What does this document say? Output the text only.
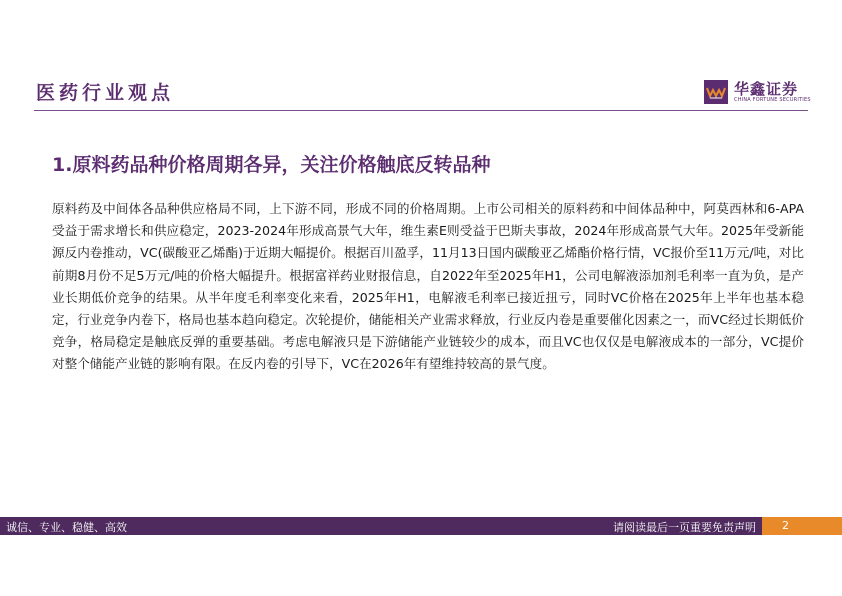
医药行业观点	华鑫证券
CHINA FORTUNE SECURITIES
1.原料药品种价格周期各异，关注价格触底反转品种
原料药及中间体各品种供应格局不同，上下游不同，形成不同的价格周期。上市公司相关的原料药和中间体品种中，阿莫西林和6-APA受益于需求增长和供应稳定，2023-2024年形成高景气大年，维生素E则受益于巴斯夫事故，2024年形成高景气大年。2025年受新能源反内卷推动，VC(碳酸亚乙烯酯)于近期大幅提价。根据百川盈孚，11月13日国内碳酸亚乙烯酯价格行情，VC报价至11万元/吨，对比前期8月份不足5万元/吨的价格大幅提升。根据富祥药业财报信息，自2022年至2025年H1，公司电解液添加剂毛利率一直为负，是产业长期低价竞争的结果。从半年度毛利率变化来看，2025年H1，电解液毛利率已接近扭亏，同时VC价格在2025年上半年也基本稳定，行业竞争内卷下，格局也基本趋向稳定。次轮提价，储能相关产业需求释放，行业反内卷是重要催化因素之一，而VC经过长期低价竞争，格局稳定是触底反弹的重要基础。考虑电解液只是下游储能产业链较少的成本，而且VC也仅仅是电解液成本的一部分，VC提价对整个储能产业链的影响有限。在反内卷的引导下，VC在2026年有望维持较高的景气度。
诚信、专业、稳健、高效	请阅读最后一页重要免责声明 2
